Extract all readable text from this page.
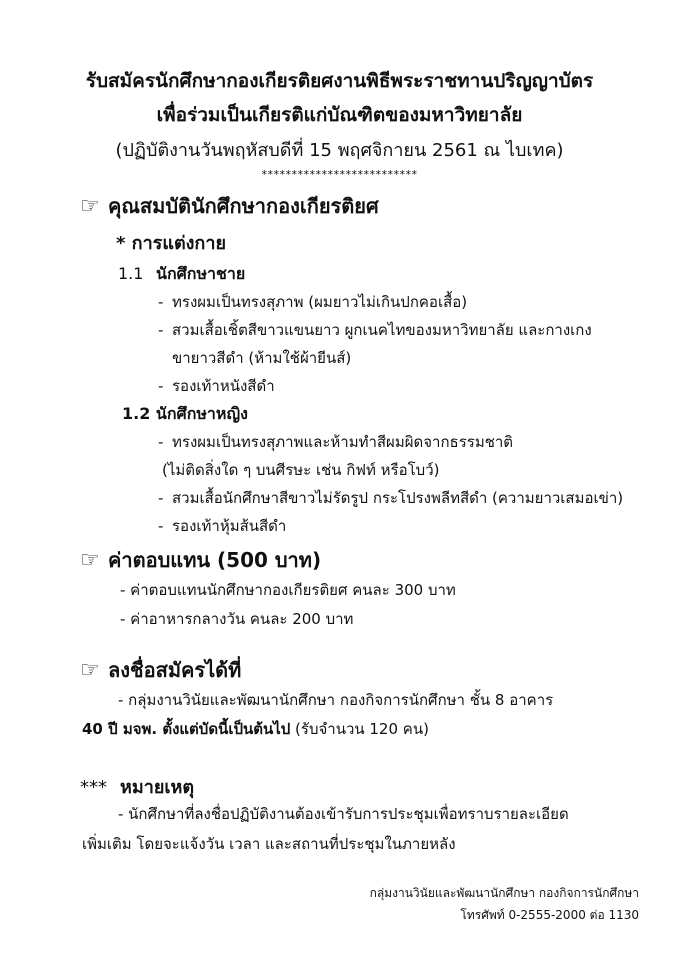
รับสมัครนักศึกษากองเกียรติยศงานพิธีพระราชทานปริญญาบัตร
เพื่อร่วมเป็นเกียรติแก่บัณฑิตของมหาวิทยาลัย
(ปฏิบัติงานวันพฤหัสบดีที่ 15 พฤศจิกายน 2561 ณ ไบเทค)
**************************
☞ คุณสมบัตินักศึกษากองเกียรติยศ
* การแต่งกาย
1.1 นักศึกษาชาย
- ทรงผมเป็นทรงสุภาพ (ผมยาวไม่เกินปกคอเสื้อ)
- สวมเสื้อเชิ้ตสีขาวแขนยาว ผูกเนคไทของมหาวิทยาลัย และกางเกง
ขายาวสีดำ (ห้ามใช้ผ้ายีนส์)
- รองเท้าหนังสีดำ
1.2 นักศึกษาหญิง
- ทรงผมเป็นทรงสุภาพและห้ามทำสีผมผิดจากธรรมชาติ
(ไม่ติดสิ่งใด ๆ บนศีรษะ เช่น กิฟท์ หรือโบว์)
- สวมเสื้อนักศึกษาสีขาวไม่รัดรูป กระโปรงพลีทสีดำ (ความยาวเสมอเข่า)
- รองเท้าหุ้มส้นสีดำ
☞ ค่าตอบแทน (500 บาท)
- ค่าตอบแทนนักศึกษากองเกียรติยศ คนละ 300 บาท
- ค่าอาหารกลางวัน คนละ 200 บาท
☞ ลงชื่อสมัครได้ที่
- กลุ่มงานวินัยและพัฒนานักศึกษา กองกิจการนักศึกษา ชั้น 8 อาคาร
40 ปี มจพ. ตั้งแต่บัดนี้เป็นต้นไป (รับจำนวน 120 คน)
*** หมายเหตุ
- นักศึกษาที่ลงชื่อปฏิบัติงานต้องเข้ารับการประชุมเพื่อทราบรายละเอียด
เพิ่มเติม โดยจะแจ้งวัน เวลา และสถานที่ประชุมในภายหลัง
กลุ่มงานวินัยและพัฒนานักศึกษา กองกิจการนักศึกษา
โทรศัพท์ 0-2555-2000 ต่อ 1130
